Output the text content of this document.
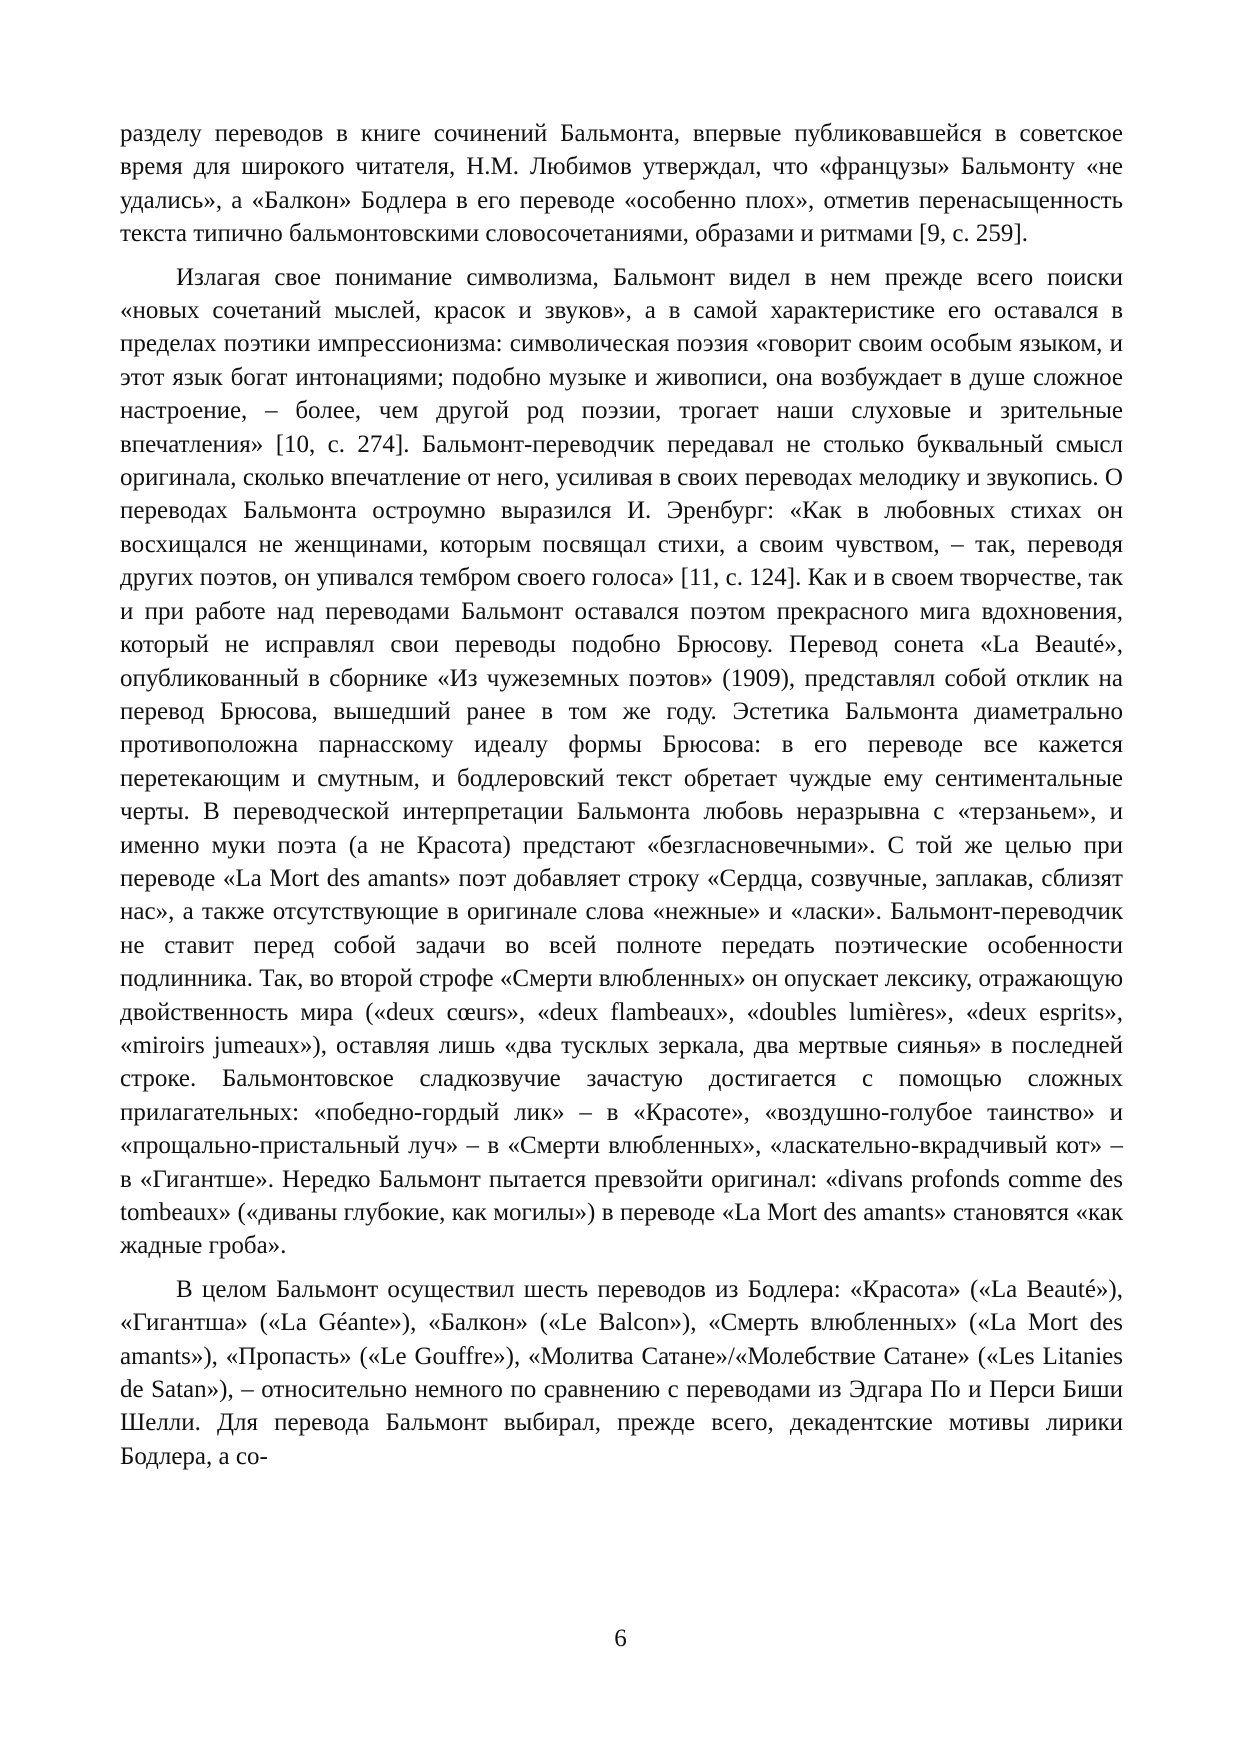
разделу переводов в книге сочинений Бальмонта, впервые публиковавшейся в советское время для широкого читателя, Н.М. Любимов утверждал, что «французы» Бальмонту «не удались», а «Балкон» Бодлера в его переводе «особенно плох», отметив перенасыщенность текста типично бальмонтовскими словосочетаниями, образами и ритмами [9, с. 259].

Излагая свое понимание символизма, Бальмонт видел в нем прежде всего поиски «новых сочетаний мыслей, красок и звуков», а в самой характеристике его оставался в пределах поэтики импрессионизма: символическая поэзия «говорит своим особым языком, и этот язык богат интонациями; подобно музыке и живописи, она возбуждает в душе сложное настроение, – более, чем другой род поэзии, трогает наши слуховые и зрительные впечатления» [10, с. 274]. Бальмонт-переводчик передавал не столько буквальный смысл оригинала, сколько впечатление от него, усиливая в своих переводах мелодику и звукопись. О переводах Бальмонта остроумно выразился И. Эренбург: «Как в любовных стихах он восхищался не женщинами, которым посвящал стихи, а своим чувством, – так, переводя других поэтов, он упивался тембром своего голоса» [11, с. 124]. Как и в своем творчестве, так и при работе над переводами Бальмонт оставался поэтом прекрасного мига вдохновения, который не исправлял свои переводы подобно Брюсову. Перевод сонета «La Beauté», опубликованный в сборнике «Из чужеземных поэтов» (1909), представлял собой отклик на перевод Брюсова, вышедший ранее в том же году. Эстетика Бальмонта диаметрально противоположна парнасскому идеалу формы Брюсова: в его переводе все кажется перетекающим и смутным, и бодлеровский текст обретает чуждые ему сентиментальные черты. В переводческой интерпретации Бальмонта любовь неразрывна с «терзаньем», и именно муки поэта (а не Красота) предстают «безгласновечными». С той же целью при переводе «La Mort des amants» поэт добавляет строку «Сердца, созвучные, заплакав, сблизят нас», а также отсутствующие в оригинале слова «нежные» и «ласки». Бальмонт-переводчик не ставит перед собой задачи во всей полноте передать поэтические особенности подлинника. Так, во второй строфе «Смерти влюбленных» он опускает лексику, отражающую двойственность мира («deux cœurs», «deux flambeaux», «doubles lumières», «deux esprits», «miroirs jumeaux»), оставляя лишь «два тусклых зеркала, два мертвые сиянья» в последней строке. Бальмонтовское сладкозвучие зачастую достигается с помощью сложных прилагательных: «победно-гордый лик» – в «Красоте», «воздушно-голубое таинство» и «прощально-пристальный луч» – в «Смерти влюбленных», «ласкательно-вкрадчивый кот» – в «Гигантше». Нередко Бальмонт пытается превзойти оригинал: «divans profonds comme des tombeaux» («диваны глубокие, как могилы») в переводе «La Mort des amants» становятся «как жадные гроба».

В целом Бальмонт осуществил шесть переводов из Бодлера: «Красота» («La Beauté»), «Гигантша» («La Géante»), «Балкон» («Le Balcon»), «Смерть влюбленных» («La Mort des amants»), «Пропасть» («Le Gouffre»), «Молитва Сатане»/«Молебствие Сатане» («Les Litanies de Satan»), – относительно немного по сравнению с переводами из Эдгара По и Перси Биши Шелли. Для перевода Бальмонт выбирал, прежде всего, декадентские мотивы лирики Бодлера, а со-

6
